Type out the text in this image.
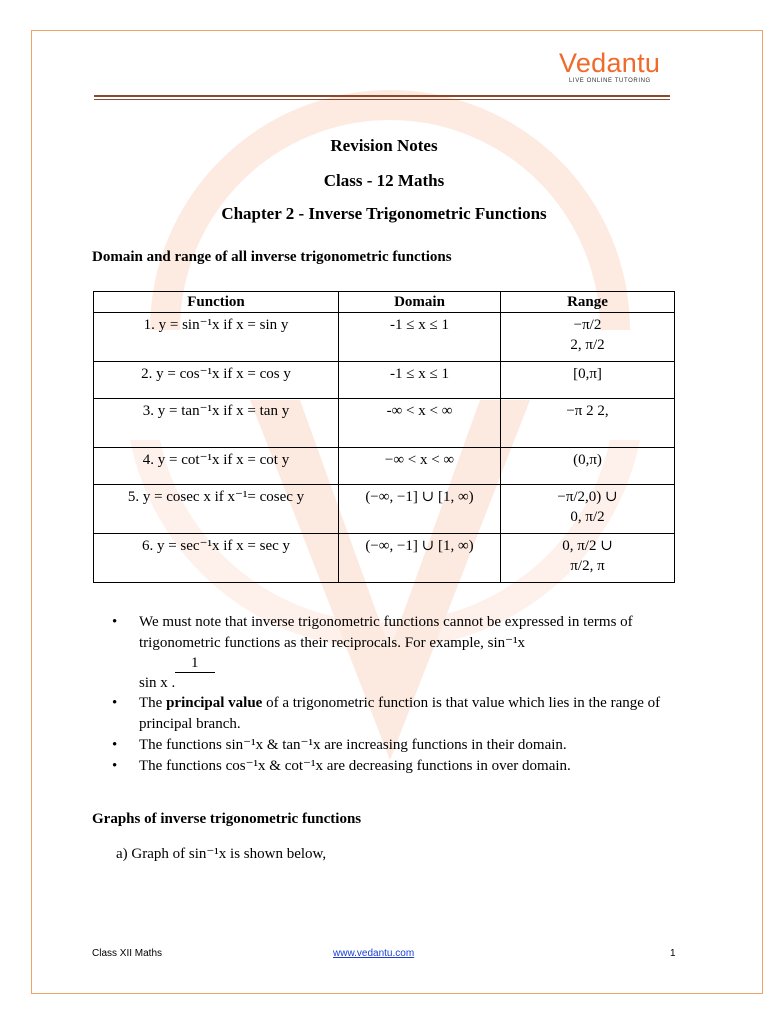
Vedantu
LIVE ONLINE TUTORING
Revision Notes
Class - 12 Maths
Chapter 2 - Inverse Trigonometric Functions
Domain and range of all inverse trigonometric functions
Function	Domain	Range
1. y = sin⁻¹x if x = sin y	-1 ≤ x ≤ 1	−π/2
2, π/2
2. y = cos⁻¹x if x = cos y	-1 ≤ x ≤ 1	[0,π]
3. y = tan⁻¹x if x = tan y	-∞ < x < ∞	−π 2 2,
4. y = cot⁻¹x if x = cot y	−∞ < x < ∞	(0,π)
5. y = cosec x if x⁻¹= cosec y	(−∞, −1] ∪ [1, ∞)	−π/2,0) ∪
0, π/2
6. y = sec⁻¹x if x = sec y	(−∞, −1] ∪ [1, ∞)	0, π/2 ∪
π/2, π
• We must note that inverse trigonometric functions cannot be expressed in terms of trigonometric functions as their reciprocals. For example, sin⁻¹x
1
sin x .
• The principal value of a trigonometric function is that value which lies in the range of principal branch.
• The functions sin⁻¹x & tan⁻¹x are increasing functions in their domain.
• The functions cos⁻¹x & cot⁻¹x are decreasing functions in over domain.
Graphs of inverse trigonometric functions
a) Graph of sin⁻¹x is shown below,
Class XII Maths	www.vedantu.com	1
